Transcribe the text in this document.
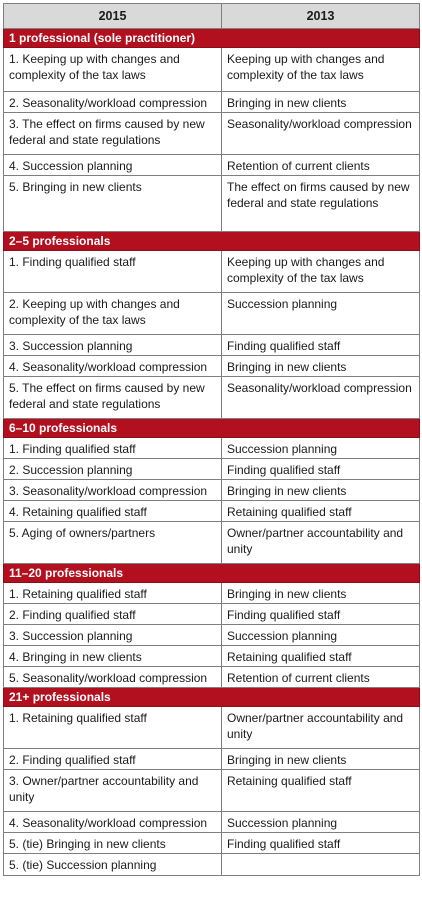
2015	2013
1 professional (sole practitioner)	
1. Keeping up with changes and complexity of the tax laws	Keeping up with changes and complexity of the tax laws
2. Seasonality/workload compression	Bringing in new clients
3. The effect on firms caused by new federal and state regulations	Seasonality/workload compression
4. Succession planning	Retention of current clients
5. Bringing in new clients	The effect on firms caused by new federal and state regulations
2–5 professionals	
1. Finding qualified staff	Keeping up with changes and complexity of the tax laws
2. Keeping up with changes and complexity of the tax laws	Succession planning
3. Succession planning	Finding qualified staff
4. Seasonality/workload compression	Bringing in new clients
5. The effect on firms caused by new federal and state regulations	Seasonality/workload compression
6–10 professionals	
1. Finding qualified staff	Succession planning
2. Succession planning	Finding qualified staff
3. Seasonality/workload compression	Bringing in new clients
4. Retaining qualified staff	Retaining qualified staff
5. Aging of owners/partners	Owner/partner accountability and unity
11–20 professionals	
1. Retaining qualified staff	Bringing in new clients
2. Finding qualified staff	Finding qualified staff
3. Succession planning	Succession planning
4. Bringing in new clients	Retaining qualified staff
5. Seasonality/workload compression	Retention of current clients
21+ professionals	
1. Retaining qualified staff	Owner/partner accountability and unity
2. Finding qualified staff	Bringing in new clients
3. Owner/partner accountability and unity	Retaining qualified staff
4. Seasonality/workload compression	Succession planning
5. (tie) Bringing in new clients	Finding qualified staff
5. (tie) Succession planning	
